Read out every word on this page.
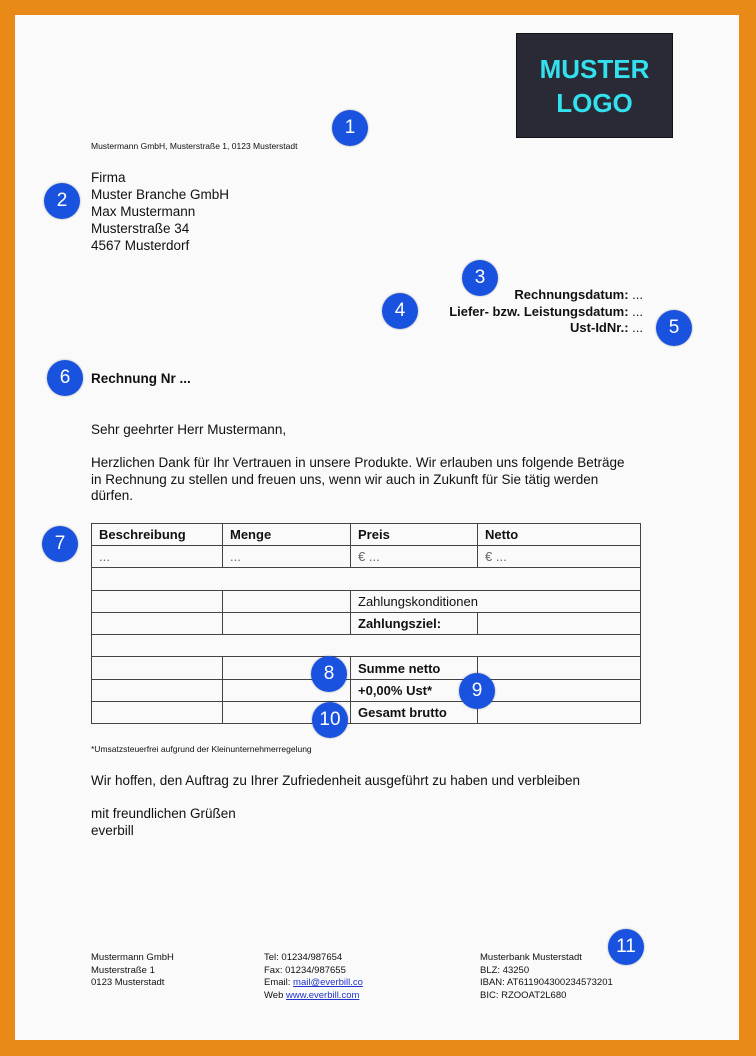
MUSTER
LOGO
Mustermann GmbH, Musterstraße 1, 0123 Musterstadt
Firma
Muster Branche GmbH
Max Mustermann
Musterstraße 34
4567 Musterdorf
Rechnungsdatum: ...
Liefer- bzw. Leistungsdatum: ...
Ust-IdNr.: ...
Rechnung Nr ...
Sehr geehrter Herr Mustermann,
Herzlichen Dank für Ihr Vertrauen in unsere Produkte. Wir erlauben uns folgende Beträge in Rechnung zu stellen und freuen uns, wenn wir auch in Zukunft für Sie tätig werden dürfen.
Beschreibung	Menge	Preis	Netto
...	...	€ ...	€ ...

		Zahlungskonditionen	
		Zahlungsziel:	

		Summe netto	
		+0,00% Ust*	
		Gesamt brutto	
*Umsatzsteuerfrei aufgrund der Kleinunternehmerregelung
Wir hoffen, den Auftrag zu Ihrer Zufriedenheit ausgeführt zu haben und verbleiben
mit freundlichen Grüßen
everbill
Mustermann GmbH
Musterstraße 1
0123 Musterstadt
Tel: 01234/987654
Fax: 01234/987655
Email: mail@everbill.co
Web www.everbill.com
Musterbank Musterstadt
BLZ: 43250
IBAN: AT611904300234573201
BIC: RZOOAT2L680
1
2
3
4
5
6
7
8
9
10
11
